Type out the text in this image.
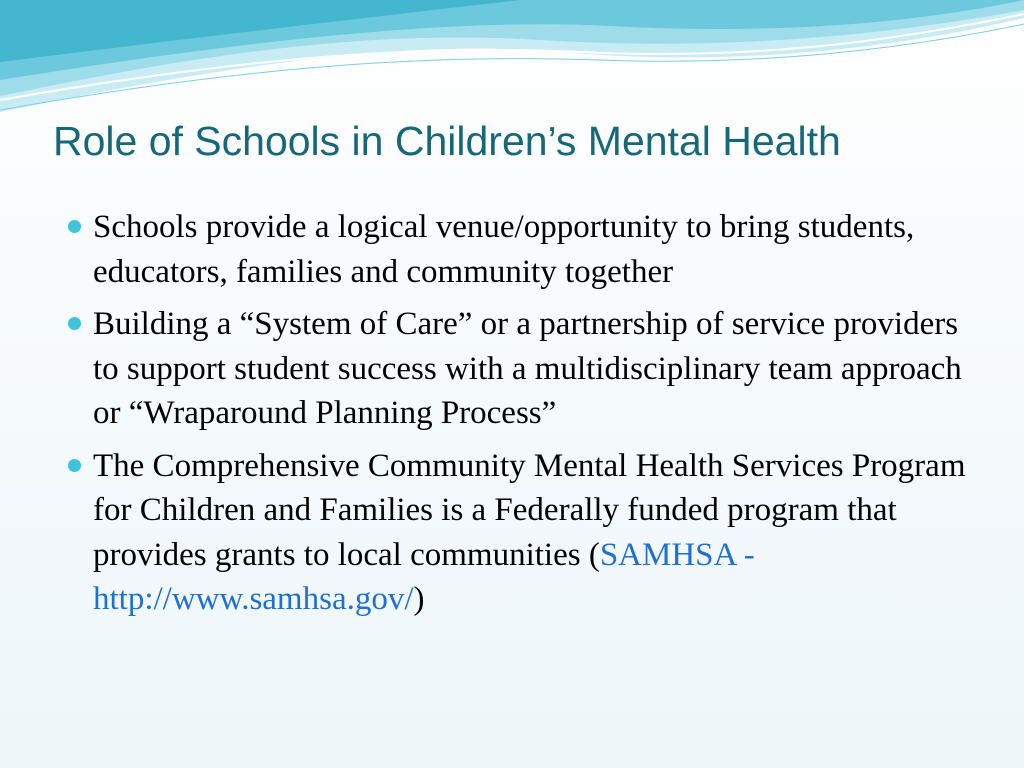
Role of Schools in Children’s Mental Health
Schools provide a logical venue/opportunity to bring students, educators, families and community together
Building a “System of Care” or a partnership of service providers to support student success with a multidisciplinary team approach or “Wraparound Planning Process”
The Comprehensive Community Mental Health Services Program for Children and Families is a Federally funded program that provides grants to local communities (SAMHSA - http://www.samhsa.gov/)
